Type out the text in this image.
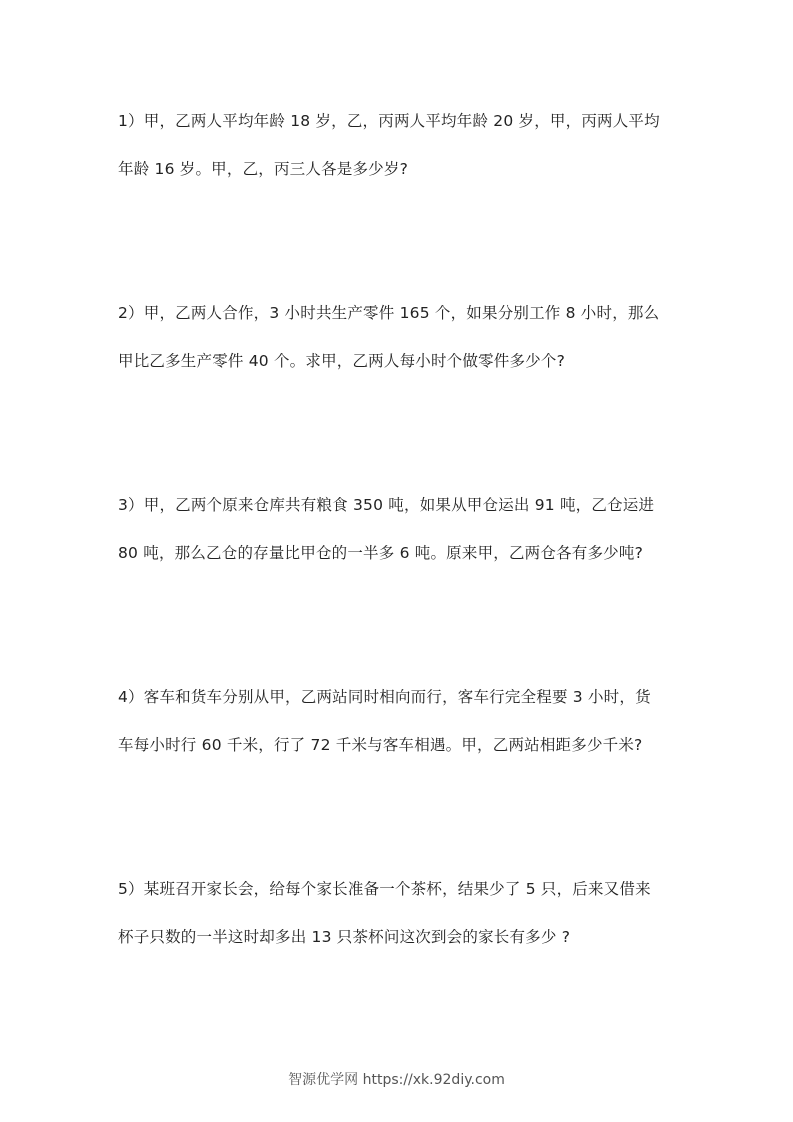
1）甲，乙两人平均年龄 18 岁，乙，丙两人平均年龄 20 岁，甲，丙两人平均
年龄 16 岁。甲，乙，丙三人各是多少岁?
2）甲，乙两人合作，3 小时共生产零件 165 个，如果分别工作 8 小时，那么
甲比乙多生产零件 40 个。求甲，乙两人每小时个做零件多少个?
3）甲，乙两个原来仓库共有粮食 350 吨，如果从甲仓运出 91 吨，乙仓运进
80 吨，那么乙仓的存量比甲仓的一半多 6 吨。原来甲，乙两仓各有多少吨?
4）客车和货车分别从甲，乙两站同时相向而行，客车行完全程要 3 小时，货
车每小时行 60 千米，行了 72 千米与客车相遇。甲，乙两站相距多少千米?
5）某班召开家长会，给每个家长准备一个茶杯，结果少了 5 只，后来又借来
杯子只数的一半这时却多出 13 只茶杯问这次到会的家长有多少 ?
智源优学网 https://xk.92diy.com
